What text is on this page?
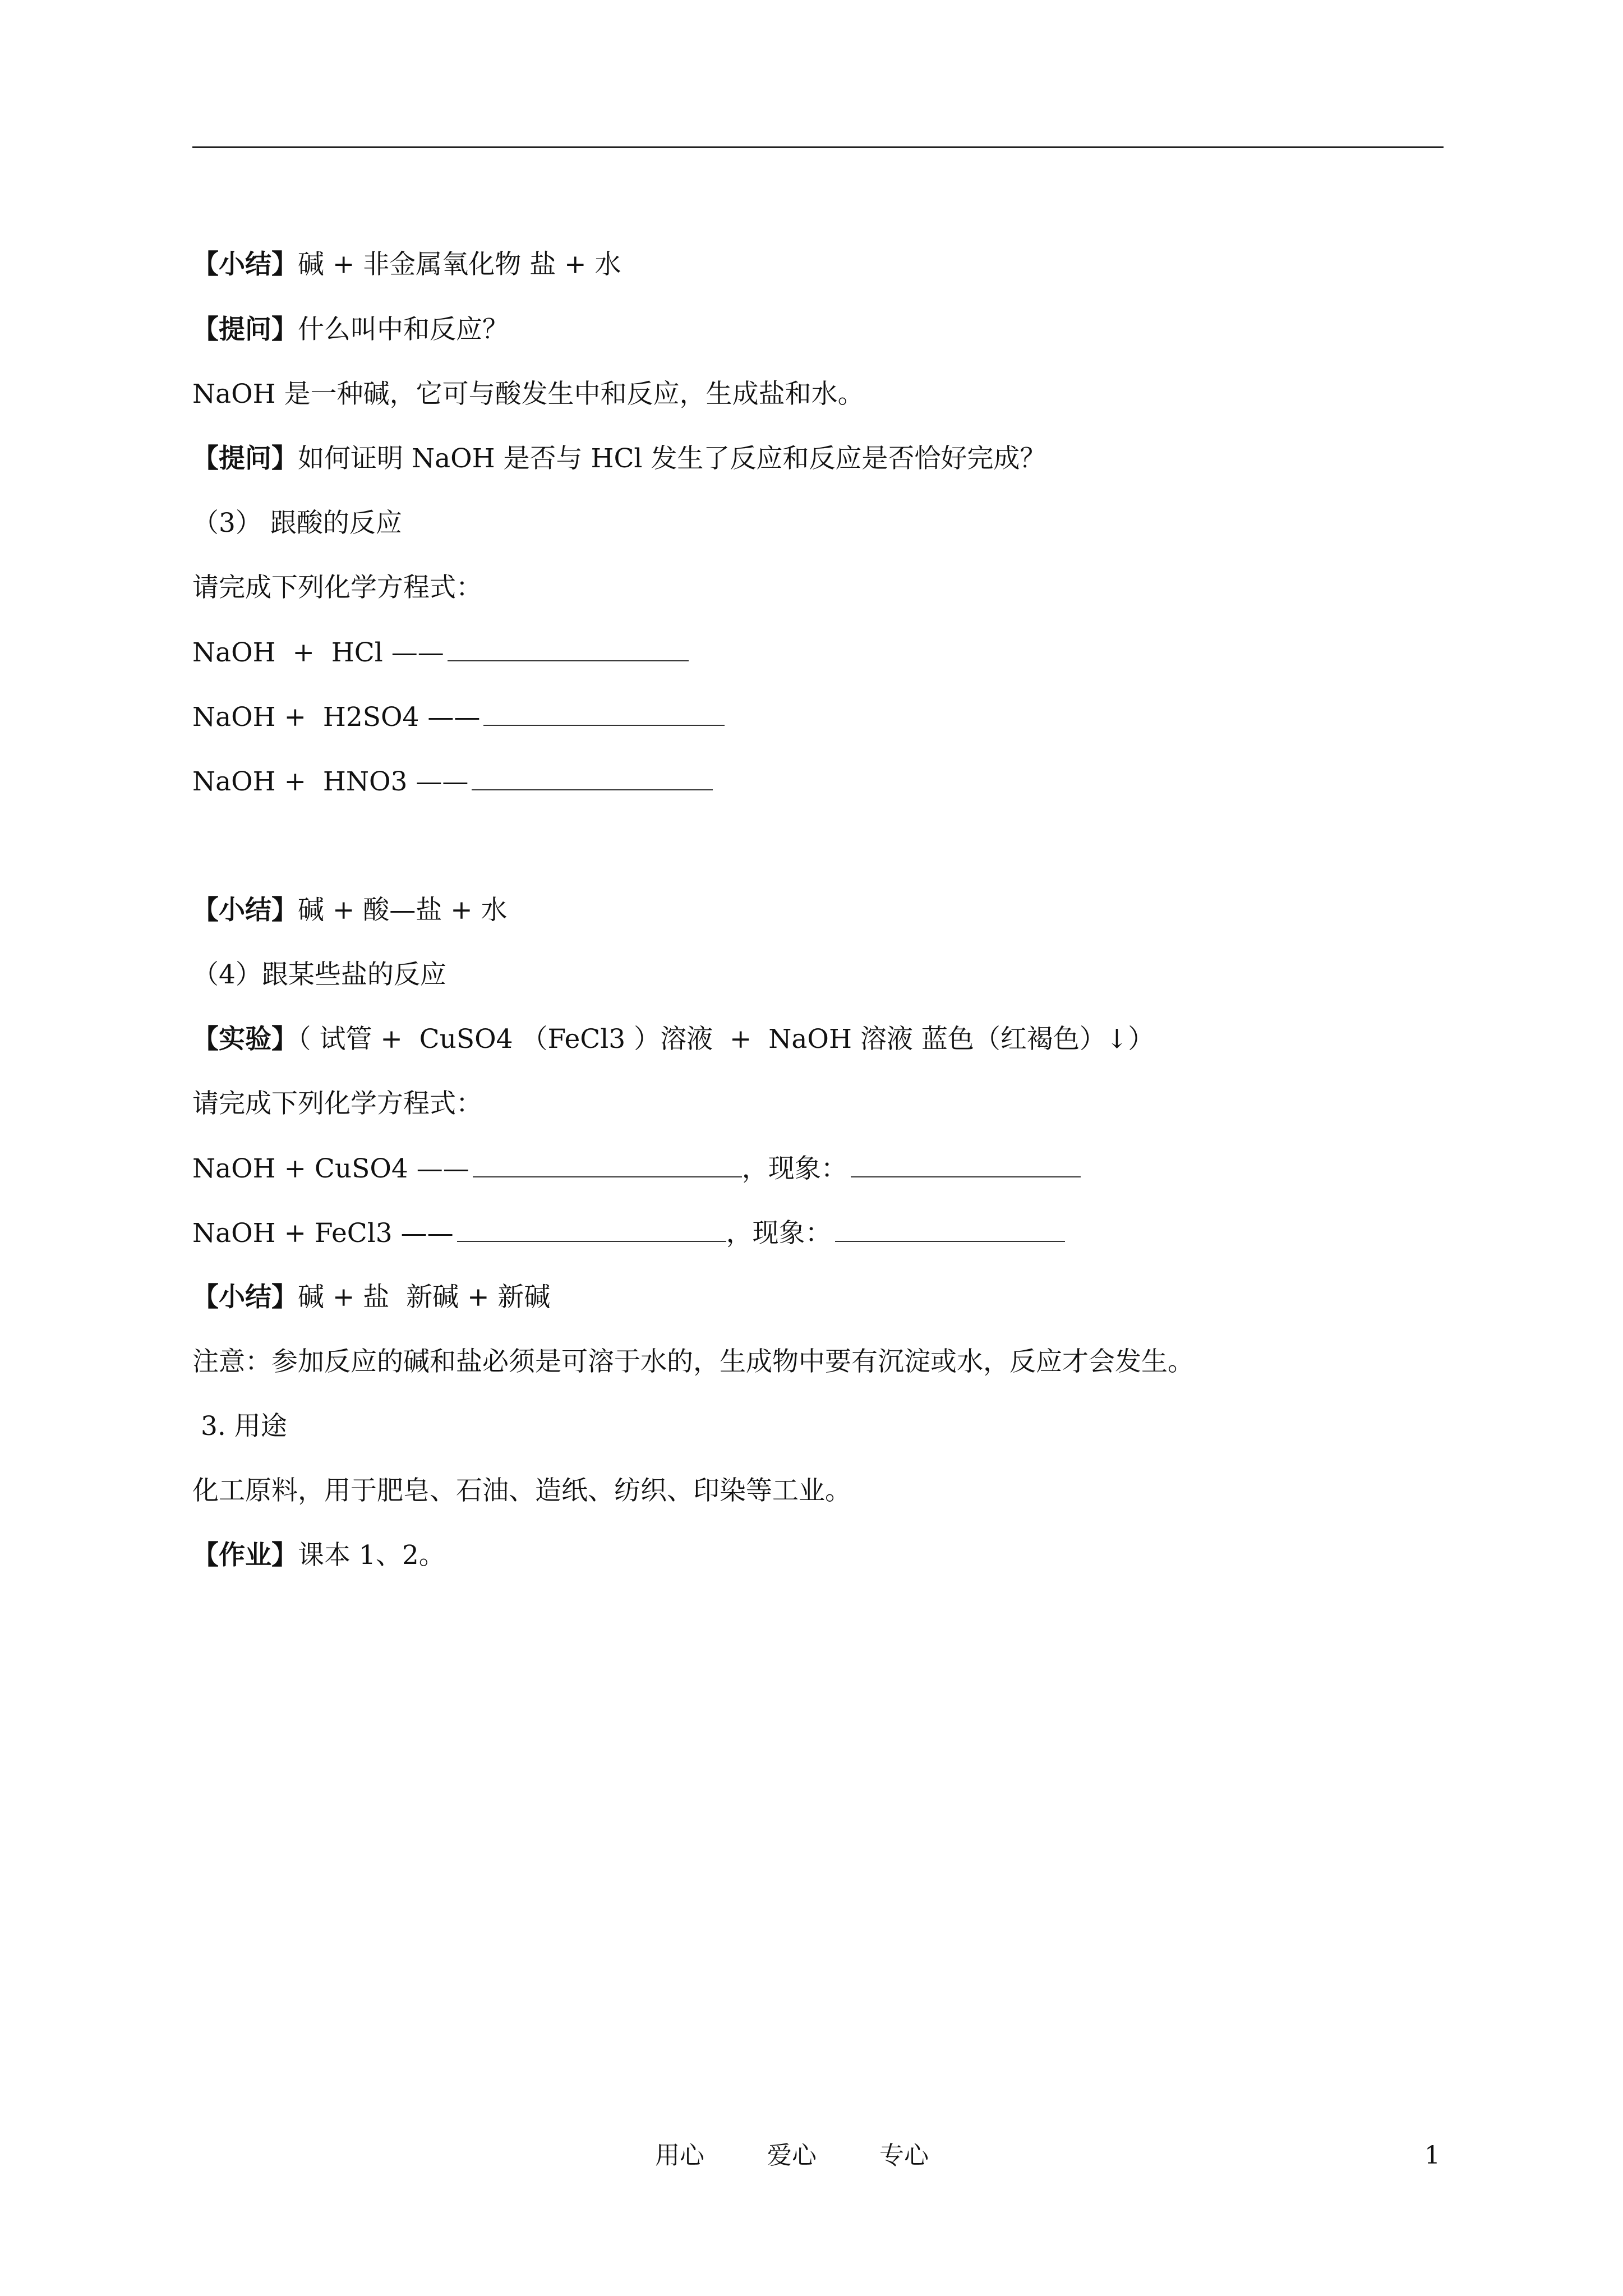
【小结】碱 + 非金属氧化物 盐 + 水
【提问】什么叫中和反应？
NaOH 是一种碱，它可与酸发生中和反应，生成盐和水。
【提问】如何证明 NaOH 是否与 HCl 发生了反应和反应是否恰好完成？
（3） 跟酸的反应
请完成下列化学方程式：
NaOH  +  HCl ——
NaOH +  H2SO4 ——
NaOH +  HNO3 ——
【小结】碱 + 酸—盐 + 水
（4）跟某些盐的反应
【实验】（ 试管 +  CuSO4 （FeCl3 ）溶液  +  NaOH 溶液 蓝色（红褐色）↓）
请完成下列化学方程式：
NaOH + CuSO4 ——	，现象：
NaOH + FeCl3 ——	，现象：
【小结】碱 + 盐  新碱 + 新碱
注意：参加反应的碱和盐必须是可溶于水的，生成物中要有沉淀或水，反应才会发生。
3. 用途
化工原料，用于肥皂、石油、造纸、纺织、印染等工业。
【作业】课本 1、2。
用心	爱心	专心	1
